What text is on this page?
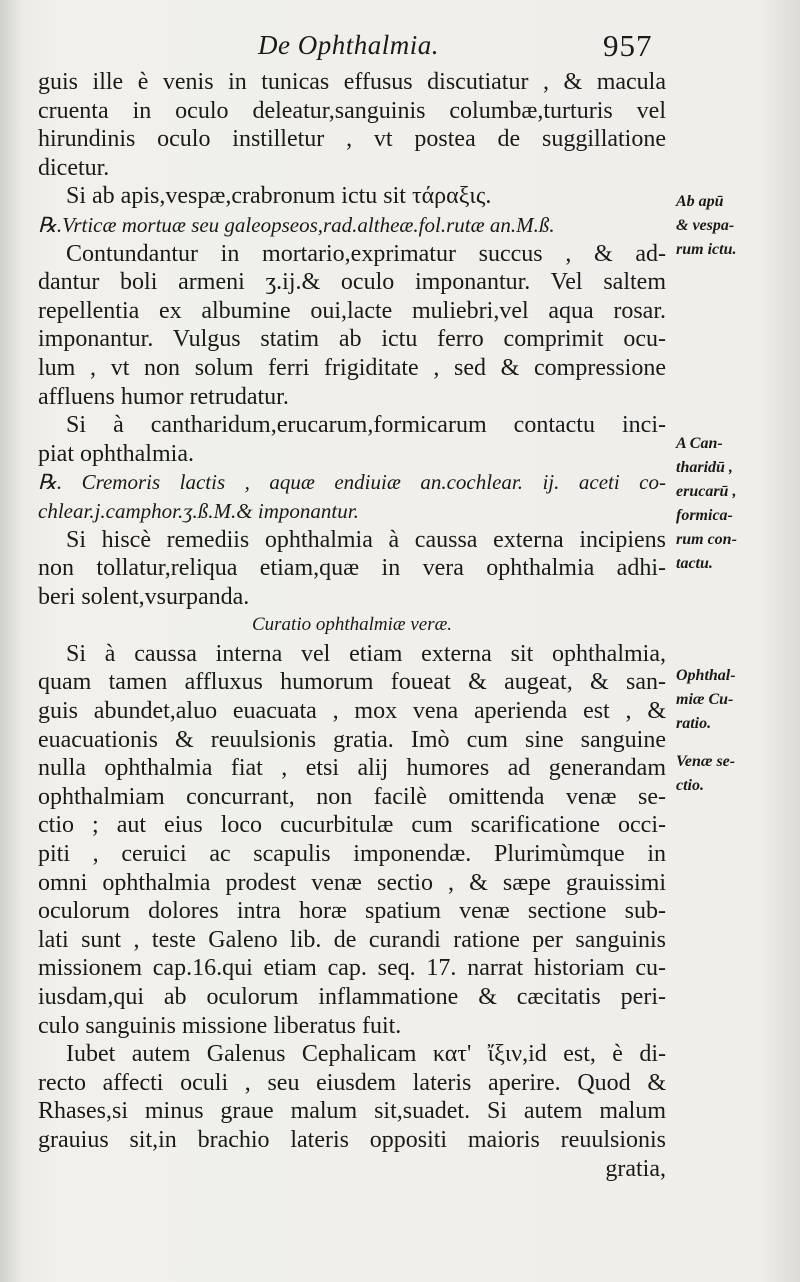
De Ophthalmia.	957
guis ille è venis in tunicas effusus discutiatur , & macula
cruenta in oculo deleatur,sanguinis columbæ,turturis vel
hirundinis oculo instilletur , vt postea de suggillatione
dicetur.
Si ab apis,vespæ,crabronum ictu sit τάραξις.
℞.Vrticæ mortuæ seu galeopseos,rad.altheæ.fol.rutæ an.M.ß.
Contundantur in mortario,exprimatur succus , & ad-
dantur boli armeni ʒ.ij.& oculo imponantur. Vel saltem
repellentia ex albumine oui,lacte muliebri,vel aqua rosar.
imponantur. Vulgus statim ab ictu ferro comprimit ocu-
lum , vt non solum ferri frigiditate , sed & compressione
affluens humor retrudatur.
Si à cantharidum,erucarum,formicarum contactu inci-
piat ophthalmia.
℞. Cremoris lactis , aquæ endiuiæ an.cochlear. ij. aceti co-
chlear.j.camphor.ʒ.ß.M.& imponantur.
Si hiscè remediis ophthalmia à caussa externa incipiens
non tollatur,reliqua etiam,quæ in vera ophthalmia adhi-
beri solent,vsurpanda.
Curatio ophthalmiæ veræ.
Si à caussa interna vel etiam externa sit ophthalmia,
quam tamen affluxus humorum foueat & augeat, & san-
guis abundet,aluo euacuata , mox vena aperienda est , &
euacuationis & reuulsionis gratia. Imò cum sine sanguine
nulla ophthalmia fiat , etsi alij humores ad generandam
ophthalmiam concurrant, non facilè omittenda venæ se-
ctio ; aut eius loco cucurbitulæ cum scarificatione occi-
piti , ceruici ac scapulis imponendæ. Plurimùmque in
omni ophthalmia prodest venæ sectio , & sæpe grauissimi
oculorum dolores intra horæ spatium venæ sectione sub-
lati sunt , teste Galeno lib. de curandi ratione per sanguinis
missionem cap.16.qui etiam cap. seq. 17. narrat historiam cu-
iusdam,qui ab oculorum inflammatione & cæcitatis peri-
culo sanguinis missione liberatus fuit.
Iubet autem Galenus Cephalicam κατ' ἴξιν,id est, è di-
recto affecti oculi , seu eiusdem lateris aperire. Quod &
Rhases,si minus graue malum sit,suadet. Si autem malum
grauius sit,in brachio lateris oppositi maioris reuulsionis
gratia,
Ab apū
& vespa-
rum ictu.
A Can-
tharidū ,
erucarū ,
formica-
rum con-
tactu.
Ophthal-
miæ Cu-
ratio.
Venæ se-
ctio.
